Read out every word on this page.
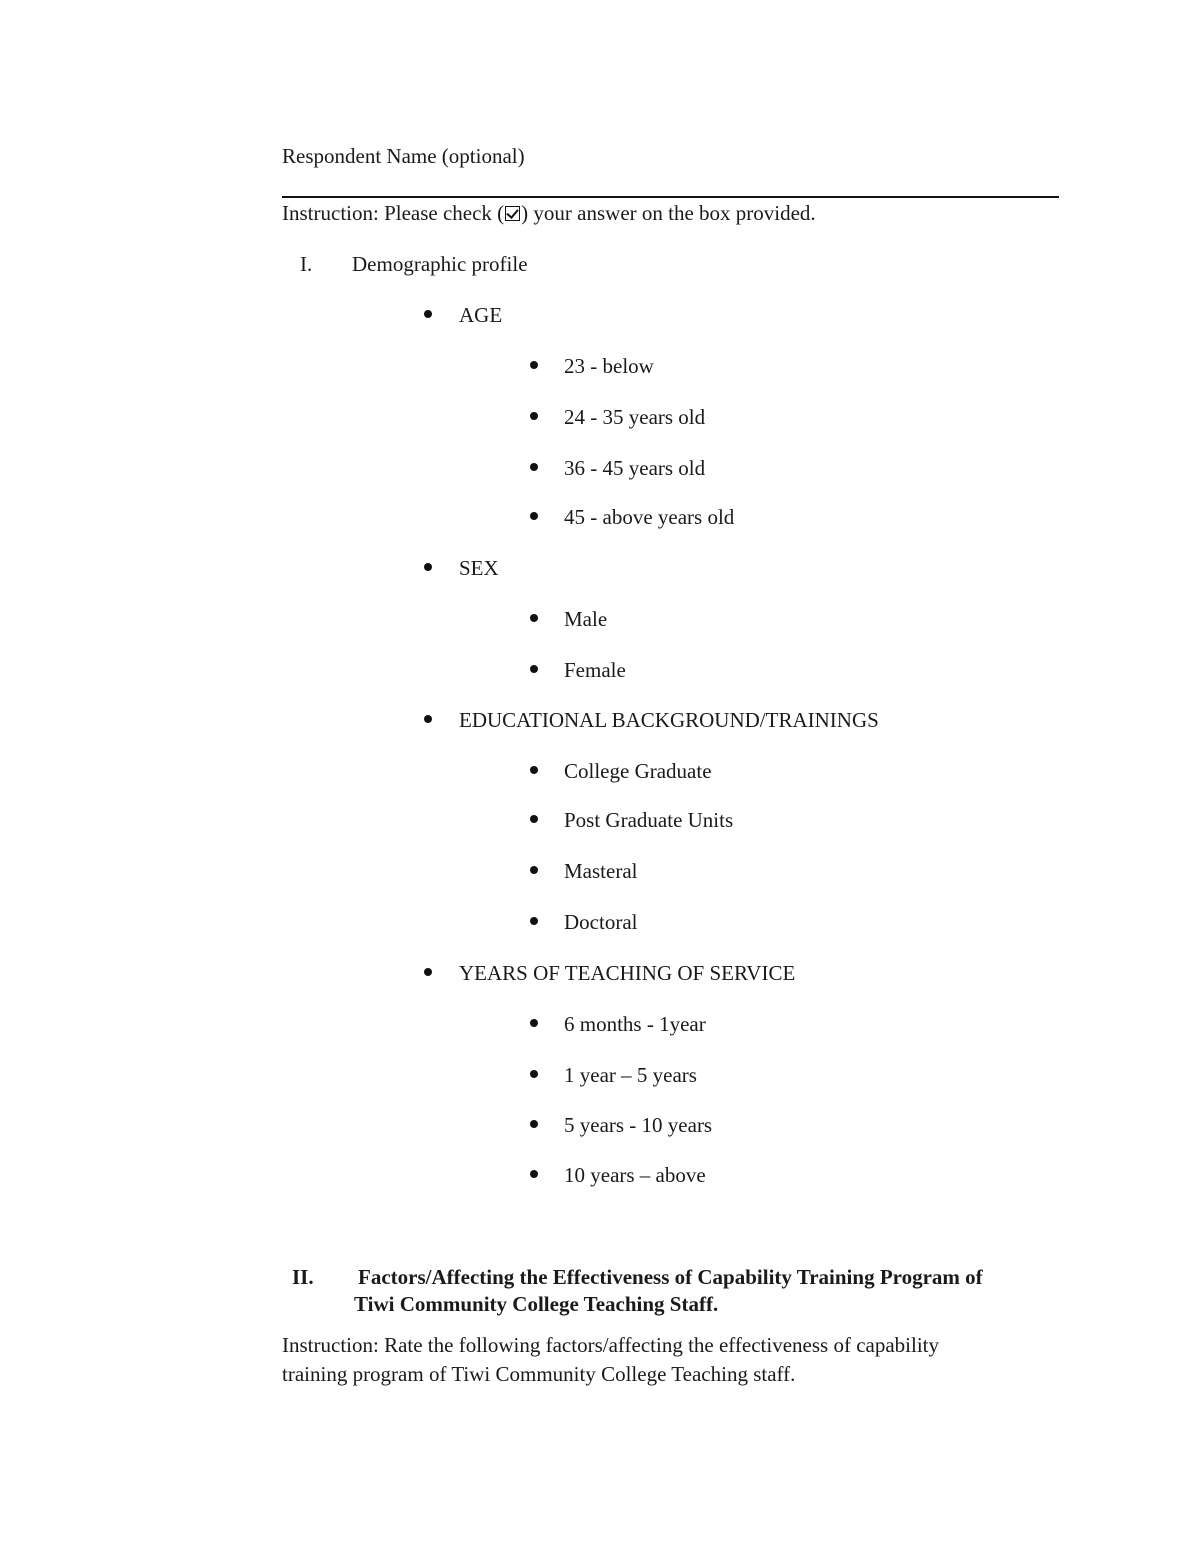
Respondent Name (optional)
Instruction: Please check ( ) your answer on the box provided.
I. Demographic profile
AGE
23 - below
24 - 35 years old
36 - 45 years old
45 - above years old
SEX
Male
Female
EDUCATIONAL BACKGROUND/TRAININGS
College Graduate
Post Graduate Units
Masteral
Doctoral
YEARS OF TEACHING OF SERVICE
6 months - 1year
1 year – 5 years
5 years - 10 years
10 years – above
II. Factors/Affecting the Effectiveness of Capability Training Program of
Tiwi Community College Teaching Staff.
Instruction: Rate the following factors/affecting the effectiveness of capability
training program of Tiwi Community College Teaching staff.
